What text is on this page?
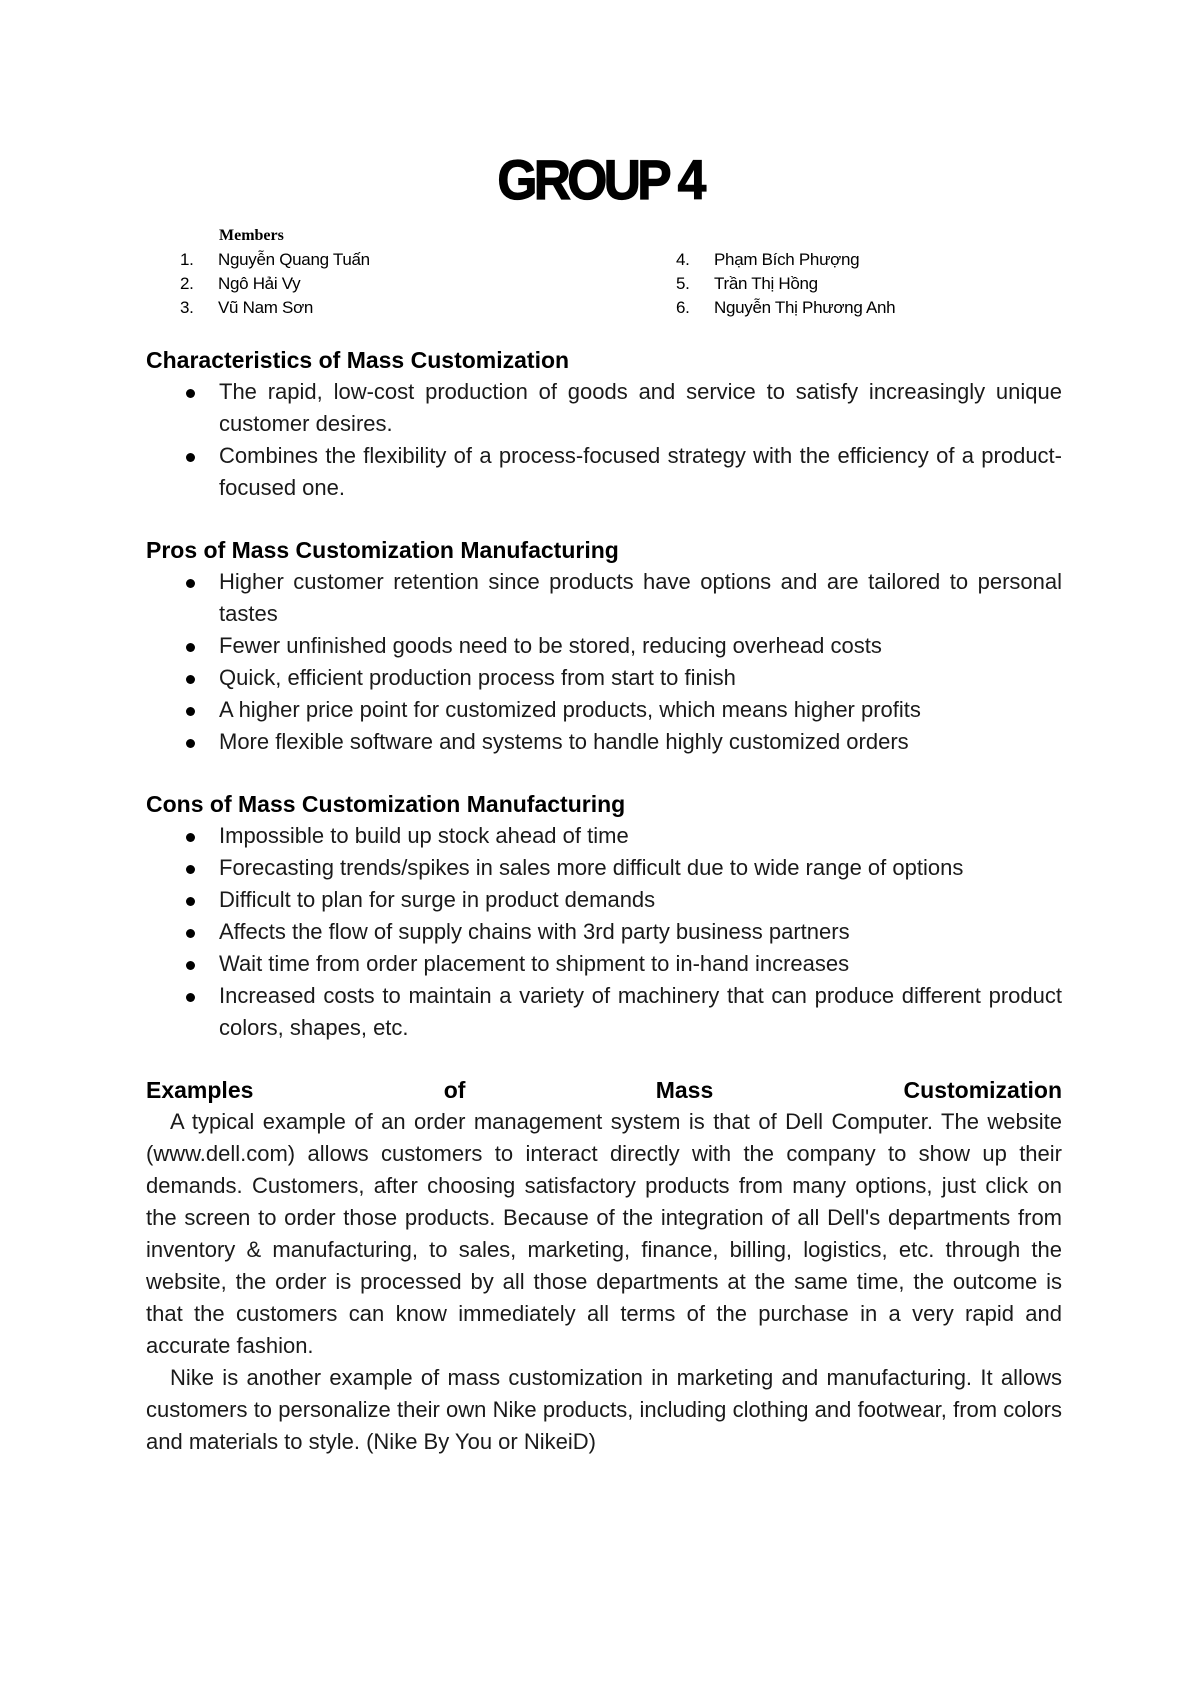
GROUP 4
Members
1.	Nguyễn Quang Tuấn
2.	Ngô Hải Vy
3.	Vũ Nam Sơn
4.	Phạm Bích Phượng
5.	Trần Thị Hồng
6.	Nguyễn Thị Phương Anh
Characteristics of Mass Customization
The rapid, low-cost production of goods and service to satisfy increasingly unique customer desires.
Combines the flexibility of a process-focused strategy with the efficiency of a product-focused one.
Pros of Mass Customization Manufacturing
Higher customer retention since products have options and are tailored to personal tastes
Fewer unfinished goods need to be stored, reducing overhead costs
Quick, efficient production process from start to finish
A higher price point for customized products, which means higher profits
More flexible software and systems to handle highly customized orders
Cons of Mass Customization Manufacturing
Impossible to build up stock ahead of time
Forecasting trends/spikes in sales more difficult due to wide range of options
Difficult to plan for surge in product demands
Affects the flow of supply chains with 3rd party business partners
Wait time from order placement to shipment to in-hand increases
Increased costs to maintain a variety of machinery that can produce different product colors, shapes, etc.
Examples of Mass Customization

A typical example of an order management system is that of Dell Computer. The website (www.dell.com) allows customers to interact directly with the company to show up their demands. Customers, after choosing satisfactory products from many options, just click on the screen to order those products. Because of the integration of all Dell's departments from inventory & manufacturing, to sales, marketing, finance, billing, logistics, etc. through the website, the order is processed by all those departments at the same time, the outcome is that the customers can know immediately all terms of the purchase in a very rapid and accurate fashion.

Nike is another example of mass customization in marketing and manufacturing. It allows customers to personalize their own Nike products, including clothing and footwear, from colors and materials to style. (Nike By You or NikeiD)
